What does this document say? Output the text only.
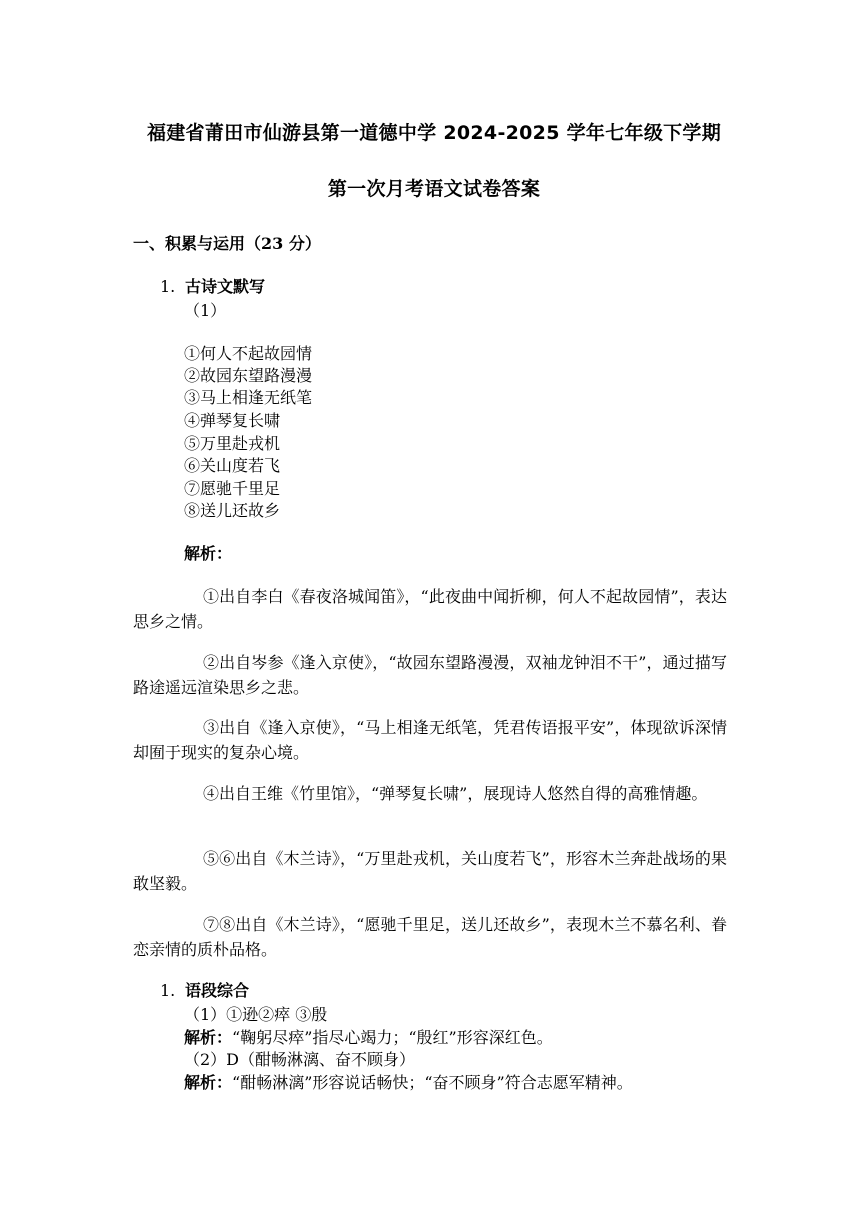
福建省莆田市仙游县第一道德中学 2024-2025 学年七年级下学期
第一次月考语文试卷答案
一、积累与运用（23 分）
1. 古诗文默写
（1）
①何人不起故园情
②故园东望路漫漫
③马上相逢无纸笔
④弹琴复长啸
⑤万里赴戎机
⑥关山度若飞
⑦愿驰千里足
⑧送儿还故乡
解析：
①出自李白《春夜洛城闻笛》，“此夜曲中闻折柳，何人不起故园情”，表达思乡之情。
②出自岑参《逢入京使》，“故园东望路漫漫，双袖龙钟泪不干”，通过描写路途遥远渲染思乡之悲。
③出自《逢入京使》，“马上相逢无纸笔，凭君传语报平安”，体现欲诉深情却囿于现实的复杂心境。
④出自王维《竹里馆》，“弹琴复长啸”，展现诗人悠然自得的高雅情趣。
⑤⑥出自《木兰诗》，“万里赴戎机，关山度若飞”，形容木兰奔赴战场的果敢坚毅。
⑦⑧出自《木兰诗》，“愿驰千里足，送儿还故乡”，表现木兰不慕名利、眷恋亲情的质朴品格。
1. 语段综合
（1）①逊②瘁 ③殷
解析：“鞠躬尽瘁”指尽心竭力；“殷红”形容深红色。
（2）D（酣畅淋漓、奋不顾身）
解析：“酣畅淋漓”形容说话畅快；“奋不顾身”符合志愿军精神。
